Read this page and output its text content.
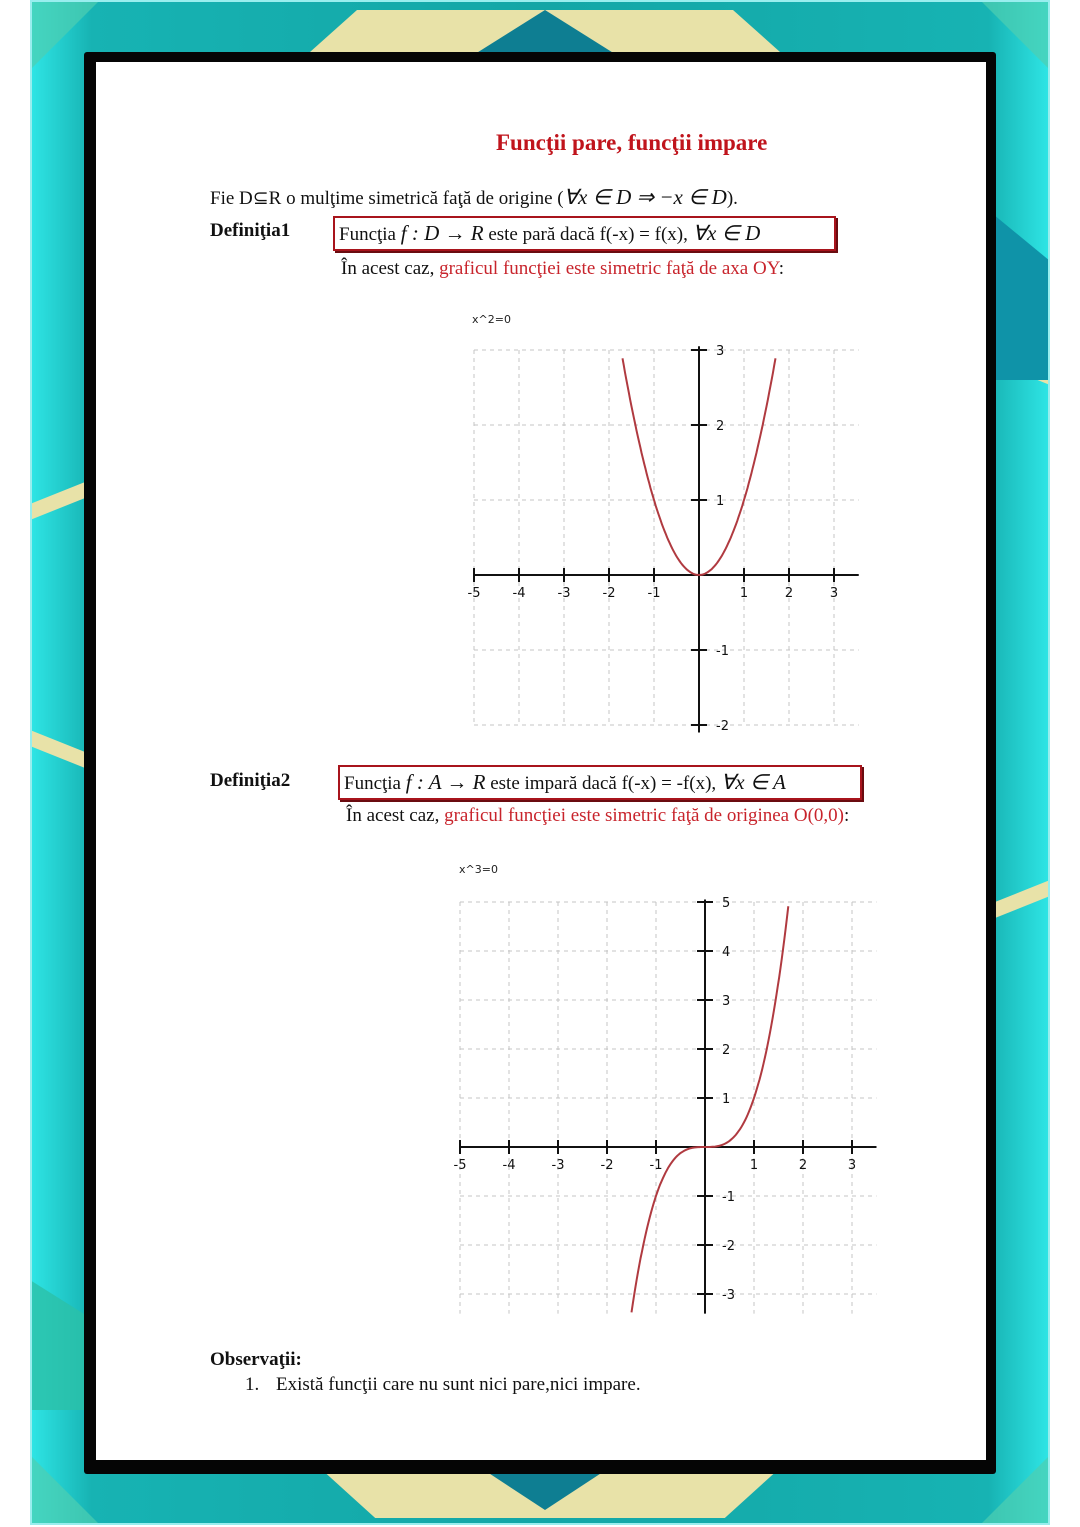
Funcţii pare, funcţii impare
Fie D⊆R o mulţime simetrică faţă de origine (∀x ∈ D ⇒ −x ∈ D).
Definiţia1	Funcţia f : D → R este pară dacă f(-x) = f(x), ∀x ∈ D
În acest caz, graficul funcţiei este simetric faţă de axa OY:
x^2=0
-5 -4 -3 -2 -1	1	2	3
-2
-1
1
2
3
Definiţia2	Funcţia f : A → R este impară dacă f(-x) = -f(x), ∀x ∈ A
În acest caz, graficul funcţiei este simetric faţă de originea O(0,0):
x^3=0
-5	-4	-3	-2	-1	1	2	3
-3
-2
-1
1
2
3
4
5
Observaţii:
1. Există funcţii care nu sunt nici pare,nici impare.
